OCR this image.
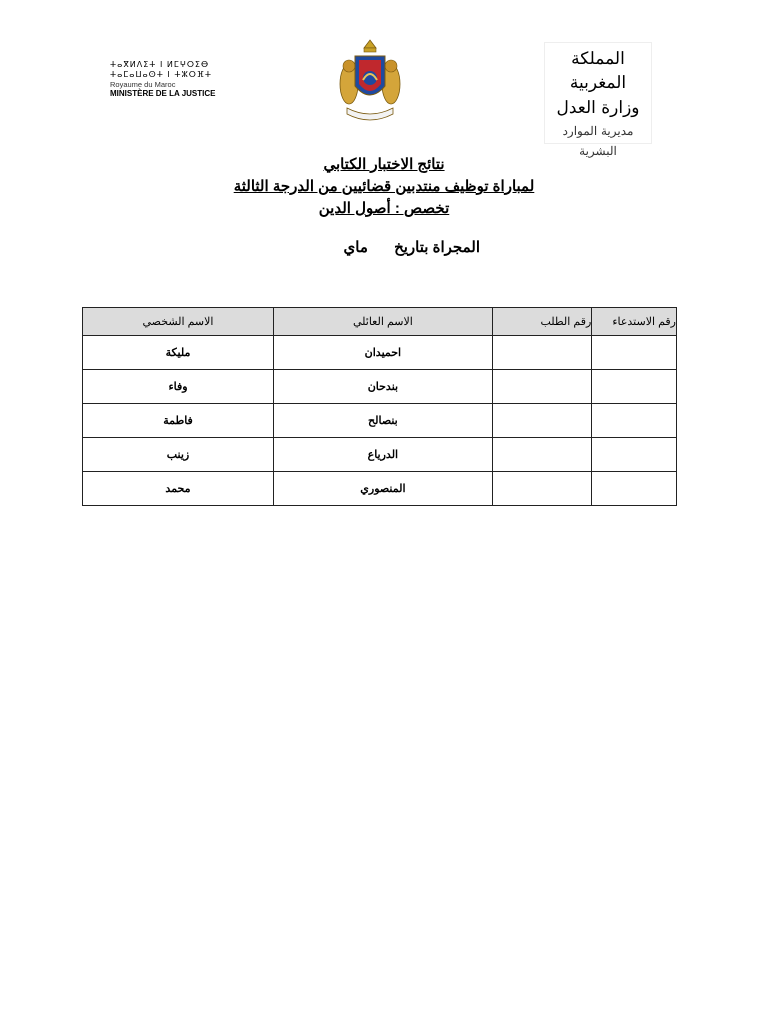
ⵜⴰⴳⵍⴷⵉⵜ ⵏ ⵍⵎⵖⵔⵉⴱ
ⵜⴰⵎⴰⵡⴰⵙⵜ ⵏ ⵜⵣⵔⴼⵜ
Royaume du Maroc
MINISTÈRE DE LA JUSTICE
المملكة المغربية
وزارة العدل
مديرية الموارد البشرية
نتائج الاختبار الكتابي
لمباراة توظيف منتدبين قضائيين من الدرجة الثالثة
تخصص : أصول الدين
المجراة بتاريخ ماي
رقم الاستدعاء	رقم الطلب	الاسم العائلي	الاسم الشخصي
		احميدان	مليكة
		بندحان	وفاء
		بنصالح	فاطمة
		الدرياع	زينب
		المنصوري	محمد
